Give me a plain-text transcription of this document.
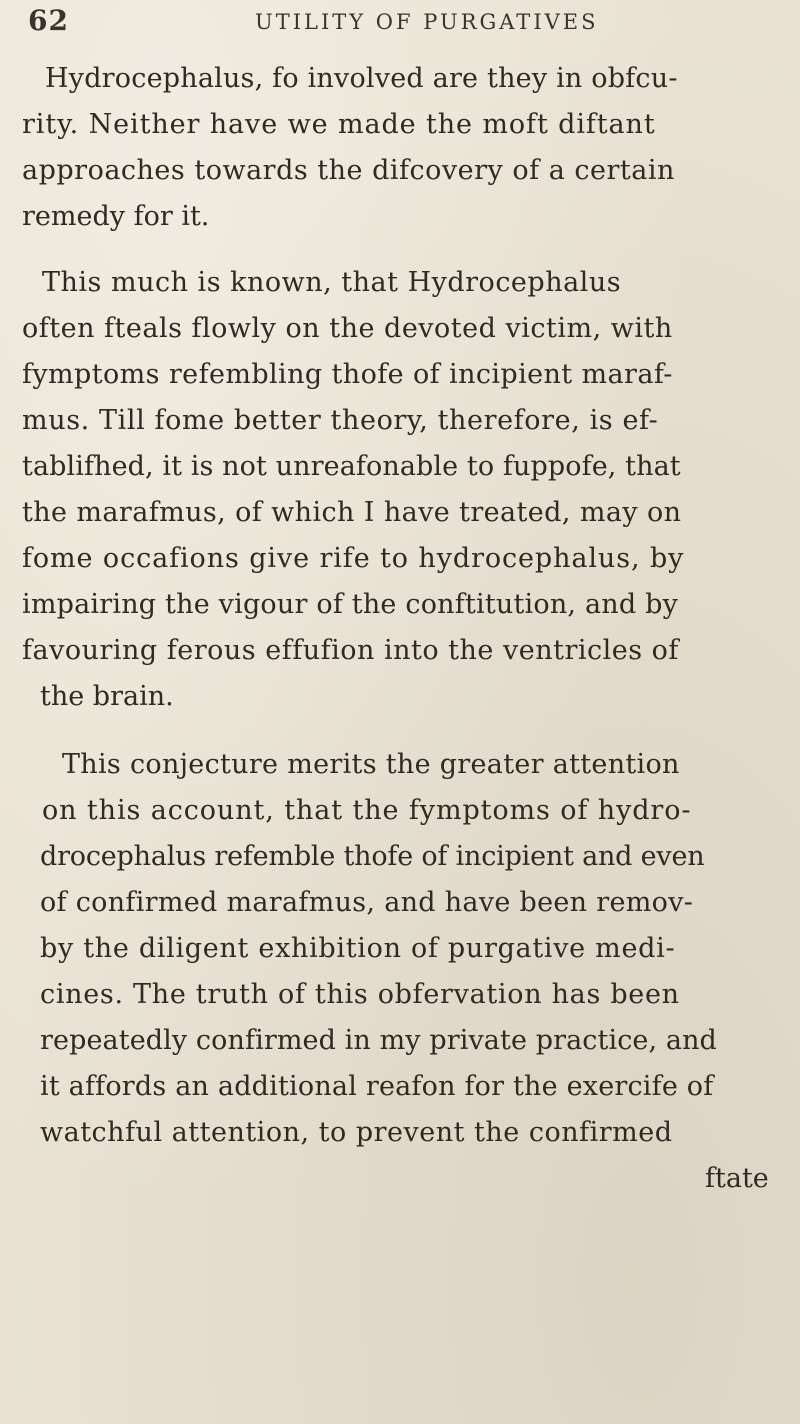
62	UTILITY OF PURGATIVES
Hydrocephalus, fo involved are they in obfcu-
rity. Neither have we made the moft diftant
approaches towards the difcovery of a certain
remedy for it.
This much is known, that Hydrocephalus
often fteals flowly on the devoted victim, with
fymptoms refembling thofe of incipient maraf-
mus. Till fome better theory, therefore, is ef-
tablifhed, it is not unreafonable to fuppofe, that
the marafmus, of which I have treated, may on
fome occafions give rife to hydrocephalus, by
impairing the vigour of the conftitution, and by
favouring ferous effufion into the ventricles of
the brain.
This conjecture merits the greater attention
on this account, that the fymptoms of hydro-
drocephalus refemble thofe of incipient and even
of confirmed marafmus, and have been remov-
by the diligent exhibition of purgative medi-
cines. The truth of this obfervation has been
repeatedly confirmed in my private practice, and
it affords an additional reafon for the exercife of
watchful attention, to prevent the confirmed
ftate
